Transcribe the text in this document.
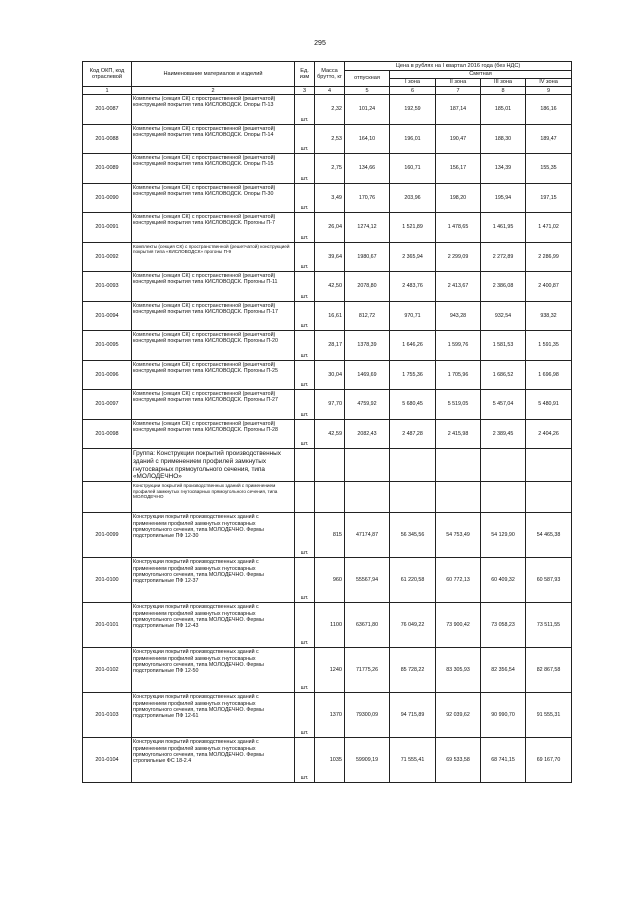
295
Код ОКП, код отраслевой	Наименование материалов и изделий	Ед. изм	Масса брутто, кг	Цена в рублях на I квартал 2016 года (без НДС)				
				отпускная	Сметная			
					I зона	II зона	III зона	IV зона
1	2	3	4	5	6	7	8	9
201-0087	Комплекты (секция СК) с пространственной (решетчатой) конструкцией покрытия типа КИСЛОВОДСК. Опоры П-13	шт.	2,32	101,24	192,59	187,14	185,01	186,16
201-0088	Комплекты (секция СК) с пространственной (решетчатой) конструкцией покрытия типа КИСЛОВОДСК. Опоры П-14	шт.	2,53	164,10	196,01	190,47	188,30	189,47
201-0089	Комплекты (секция СК) с пространственной (решетчатой) конструкцией покрытия типа КИСЛОВОДСК. Опоры П-15	шт.	2,75	134,66	160,71	156,17	134,39	155,35
201-0090	Комплекты (секция СК) с пространственной (решетчатой) конструкцией покрытия типа КИСЛОВОДСК. Опоры П-30	шт.	3,49	170,76	203,96	198,20	195,94	197,15
201-0091	Комплекты (секция СК) с пространственной (решетчатой) конструкцией покрытия типа КИСЛОВОДСК. Прогоны П-7	шт.	26,04	1274,12	1 521,89	1 478,65	1 461,95	1 471,02
201-0092	Комплекты (секция СК) с пространственной (решетчатой) конструкцией покрытия типа «КИСЛОВОДСК» прогоны П-9	шт.	39,64	1980,67	2 365,94	2 299,09	2 272,89	2 286,99
201-0093	Комплекты (секция СК) с пространственной (решетчатой) конструкцией покрытия типа КИСЛОВОДСК. Прогоны П-11	шт.	42,50	2078,80	2 483,76	2 413,67	2 386,08	2 400,87
201-0094	Комплекты (секция СК) с пространственной (решетчатой) конструкцией покрытия типа КИСЛОВОДСК. Прогоны П-17	шт.	16,61	812,72	970,71	943,28	932,54	938,32
201-0095	Комплекты (секция СК) с пространственной (решетчатой) конструкцией покрытия типа КИСЛОВОДСК. Прогоны П-20	шт.	28,17	1378,39	1 646,26	1 599,76	1 581,53	1 591,35
201-0096	Комплекты (секция СК) с пространственной (решетчатой) конструкцией покрытия типа КИСЛОВОДСК. Прогоны П-25	шт.	30,04	1469,69	1 755,36	1 705,96	1 686,52	1 696,98
201-0097	Комплекты (секция СК) с пространственной (решетчатой) конструкцией покрытия типа КИСЛОВОДСК. Прогоны П-27	шт.	97,70	4759,92	5 680,45	5 519,05	5 457,04	5 480,91
201-0098	Комплекты (секция СК) с пространственной (решетчатой) конструкцией покрытия типа КИСЛОВОДСК. Прогоны П-28	шт.	42,59	2082,43	2 487,28	2 415,98	2 389,45	2 404,26
	Группа: Конструкции покрытий производственных зданий с применением профилей замкнутых гнутосварных прямоугольного сечения, типа «МОЛОДЕЧНО»							
	Конструкции покрытий производственных зданий с применением профилей замкнутых гнутосварных прямоугольного сечения, типа МОЛОДЕЧНО							
201-0099	Конструкции покрытий производственных зданий с применением профилей замкнутых гнутосварных прямоугольного сечения, типа МОЛОДЕЧНО. Фермы подстропильные ПФ 12-30	шт.	815	47174,87	56 345,56	54 753,49	54 129,90	54 465,38
201-0100	Конструкции покрытий производственных зданий с применением профилей замкнутых гнутосварных прямоугольного сечения, типа МОЛОДЕЧНО. Фермы подстропильные ПФ 12-37	шт.	960	55567,94	61 220,58	60 772,13	60 409,32	60 587,93
201-0101	Конструкции покрытий производственных зданий с применением профилей замкнутых гнутосварных прямоугольного сечения, типа МОЛОДЕЧНО. Фермы подстропильные ПФ 12-43	шт.	1100	63671,80	76 049,22	73 900,42	73 058,23	73 511,55
201-0102	Конструкции покрытий производственных зданий с применением профилей замкнутых гнутосварных прямоугольного сечения, типа МОЛОДЕЧНО. Фермы подстропильные ПФ 12-50	шт.	1240	71775,26	85 728,22	83 305,93	82 356,54	82 867,58
201-0103	Конструкции покрытий производственных зданий с применением профилей замкнутых гнутосварных прямоугольного сечения, типа МОЛОДЕЧНО. Фермы подстропильные ПФ 12-61	шт.	1370	79300,09	94 715,89	92 039,62	90 990,70	91 555,31
201-0104	Конструкции покрытий производственных зданий с применением профилей замкнутых гнутосварных прямоугольного сечения, типа МОЛОДЕЧНО. Фермы стропильные ФС 18-2.4	шт.	1035	59909,19	71 555,41	69 533,58	68 741,15	69 167,70
